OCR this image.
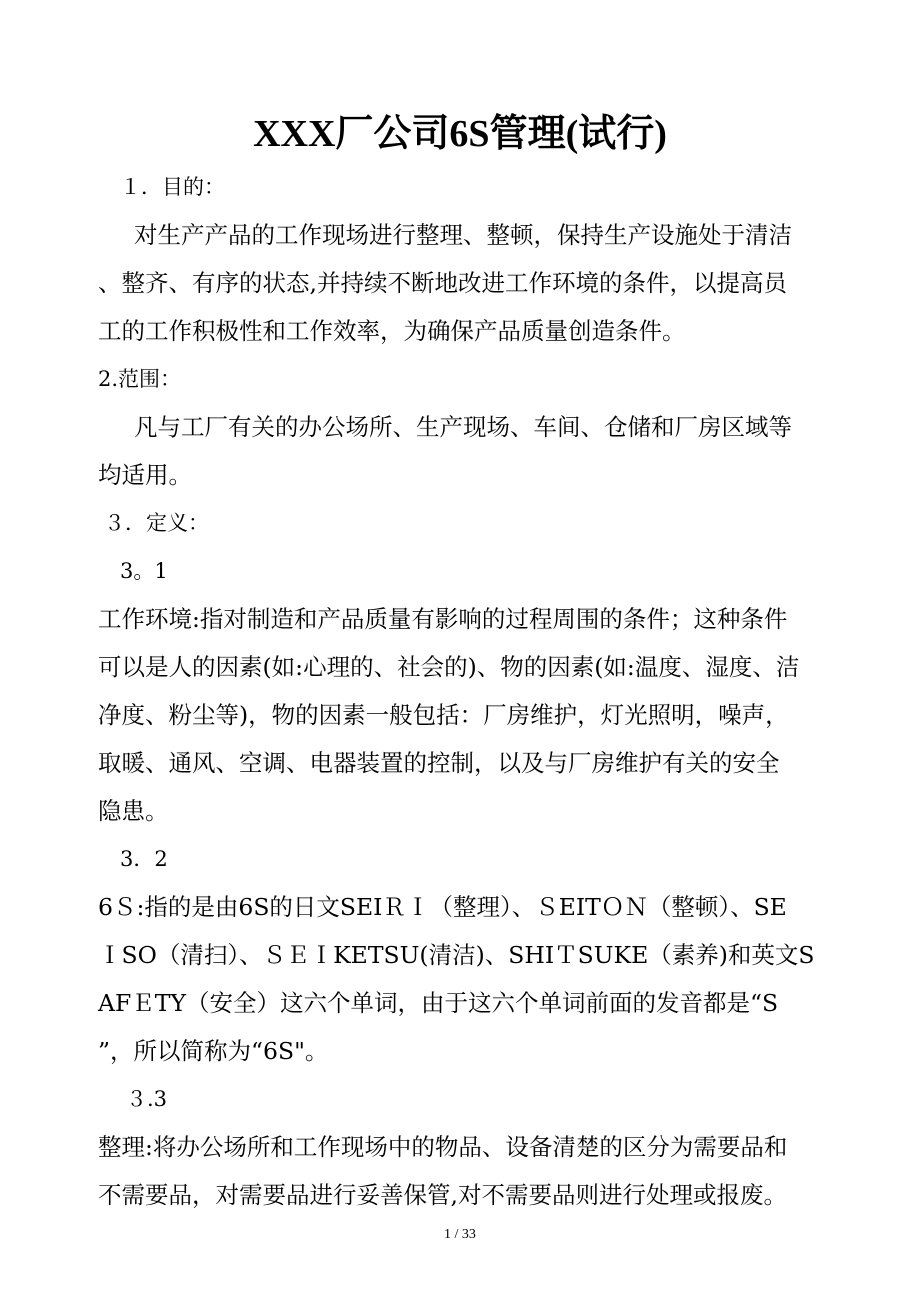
XXX厂公司6S管理(试行)
１．目的：
对生产产品的工作现场进行整理、整顿，保持生产设施处于清洁
、整齐、有序的状态,并持续不断地改进工作环境的条件，以提高员
工的工作积极性和工作效率，为确保产品质量创造条件。
2.范围：
凡与工厂有关的办公场所、生产现场、车间、仓储和厂房区域等
均适用。
３．定义：
3。1
工作环境:指对制造和产品质量有影响的过程周围的条件；这种条件
可以是人的因素(如:心理的、社会的)、物的因素(如:温度、湿度、洁
净度、粉尘等)，物的因素一般包括：厂房维护，灯光照明，噪声，
取暖、通风、空调、电器装置的控制，以及与厂房维护有关的安全
隐患。
3．2
6Ｓ:指的是由6S的日文SEIＲＩ（整理）、ＳEITＯＮ（整顿）、SE
ＩSO（清扫）、ＳＥＩKETSU(清洁)、SHIＴSUKE（素养)和英文S
AFＥTY（安全）这六个单词，由于这六个单词前面的发音都是“S
”，所以简称为“6S"。
３.3
整理:将办公场所和工作现场中的物品、设备清楚的区分为需要品和
不需要品，对需要品进行妥善保管,对不需要品则进行处理或报废。
1 / 33
